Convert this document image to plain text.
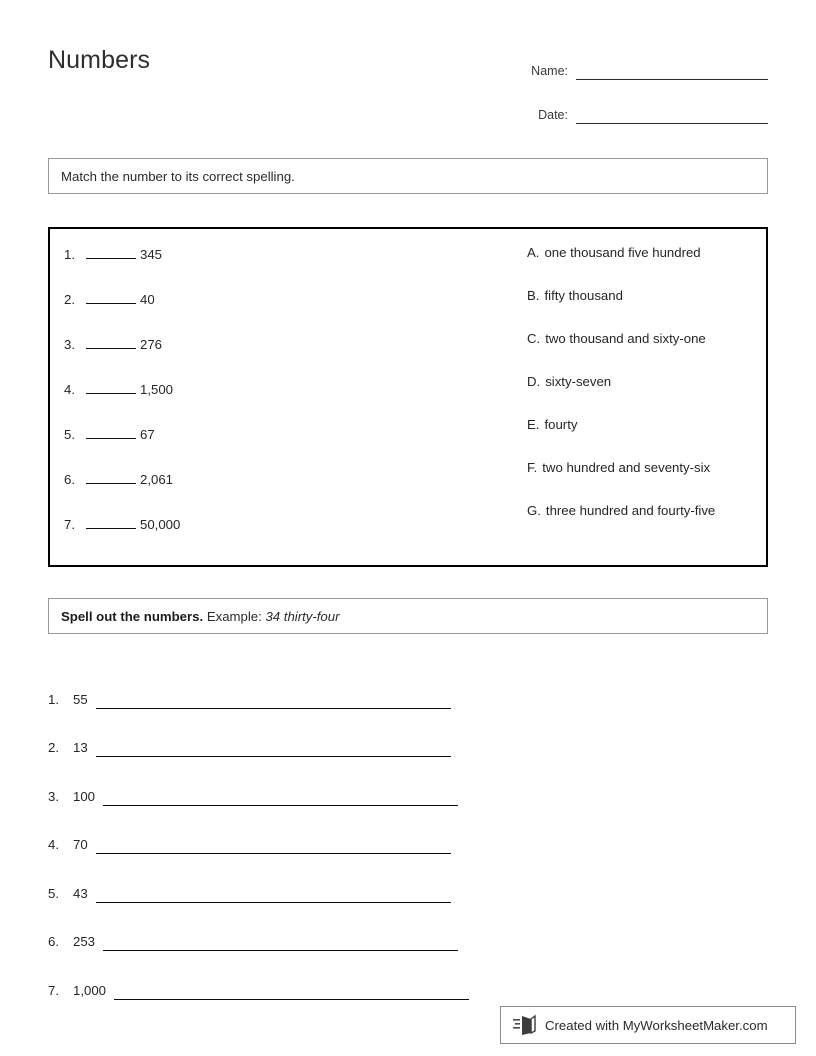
Numbers	Name:
Date:
Match the number to its correct spelling.
1.	345
2.	40
3.	276
4.	1,500
5.	67
6.	2,061
7.	50,000
A. one thousand five hundred
B. fifty thousand
C. two thousand and sixty-one
D. sixty-seven
E. fourty
F. two hundred and seventy-six
G. three hundred and fourty-five
Spell out the numbers. Example: 34 thirty-four
1.	55
2.	13
3.	100
4.	70
5.	43
6.	253
7.	1,000
Created with MyWorksheetMaker.com
